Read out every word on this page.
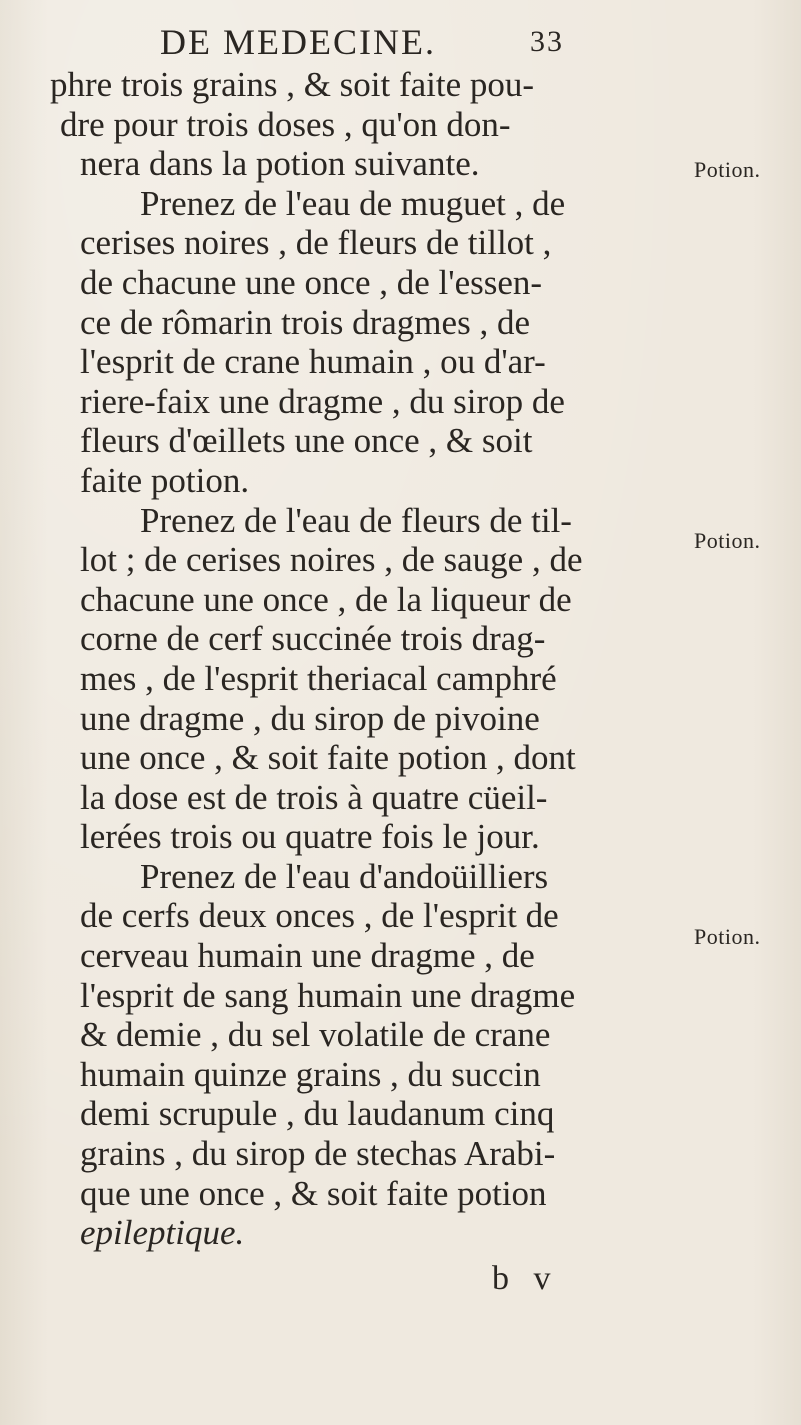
DE MEDECINE.	33
phre trois grains , & soit faite pou-
dre pour trois doses , qu'on don-
nera dans la potion suivante.
Prenez de l'eau de muguet , de
cerises noires , de fleurs de tillot ,
de chacune une once , de l'essen-
ce de rômarin trois dragmes , de
l'esprit de crane humain , ou d'ar-
riere-faix une dragme , du sirop de
fleurs d'œillets une once , & soit
faite potion.
Prenez de l'eau de fleurs de til-
lot ; de cerises noires , de sauge , de
chacune une once , de la liqueur de
corne de cerf succinée trois drag-
mes , de l'esprit theriacal camphré
une dragme , du sirop de pivoine
une once , & soit faite potion , dont
la dose est de trois à quatre cüeil-
lerées trois ou quatre fois le jour.
Prenez de l'eau d'andoüilliers
de cerfs deux onces , de l'esprit de
cerveau humain une dragme , de
l'esprit de sang humain une dragme
& demie , du sel volatile de crane
humain quinze grains , du succin
demi scrupule , du laudanum cinq
grains , du sirop de stechas Arabi-
que une once , & soit faite potion
epileptique.
Potion.
Potion.
Potion.
b v
